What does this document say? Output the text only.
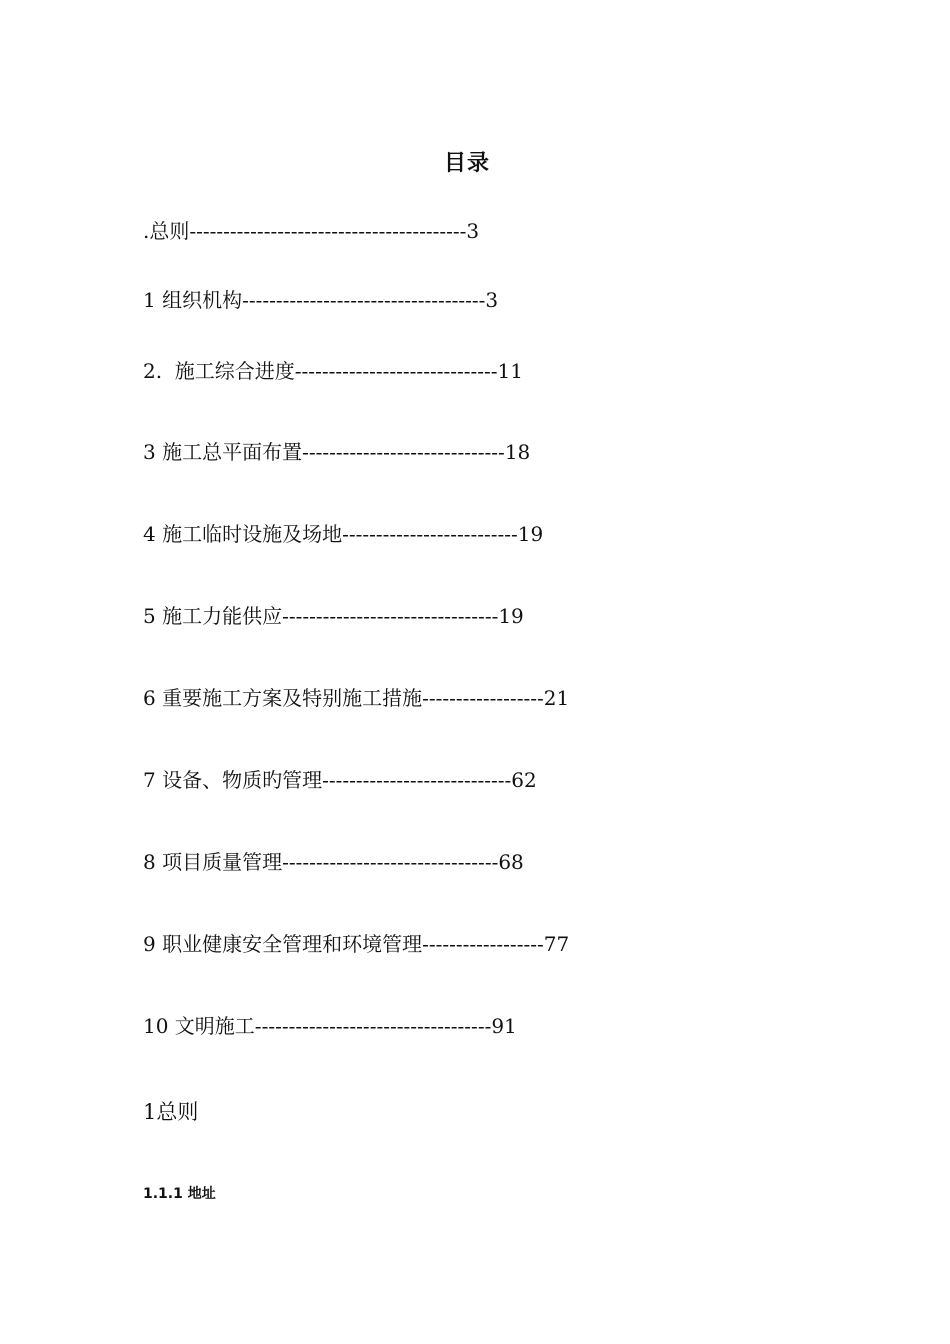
目录
.总则-----------------------------------------3
1 组织机构------------------------------------3
2.  施工综合进度------------------------------11
3 施工总平面布置------------------------------18
4 施工临时设施及场地--------------------------19
5 施工力能供应--------------------------------19
6 重要施工方案及特别施工措施------------------21
7 设备、物质旳管理----------------------------62
8 项目质量管理--------------------------------68
9 职业健康安全管理和环境管理------------------77
10 文明施工-----------------------------------91
1总则
1.1.1 地址
